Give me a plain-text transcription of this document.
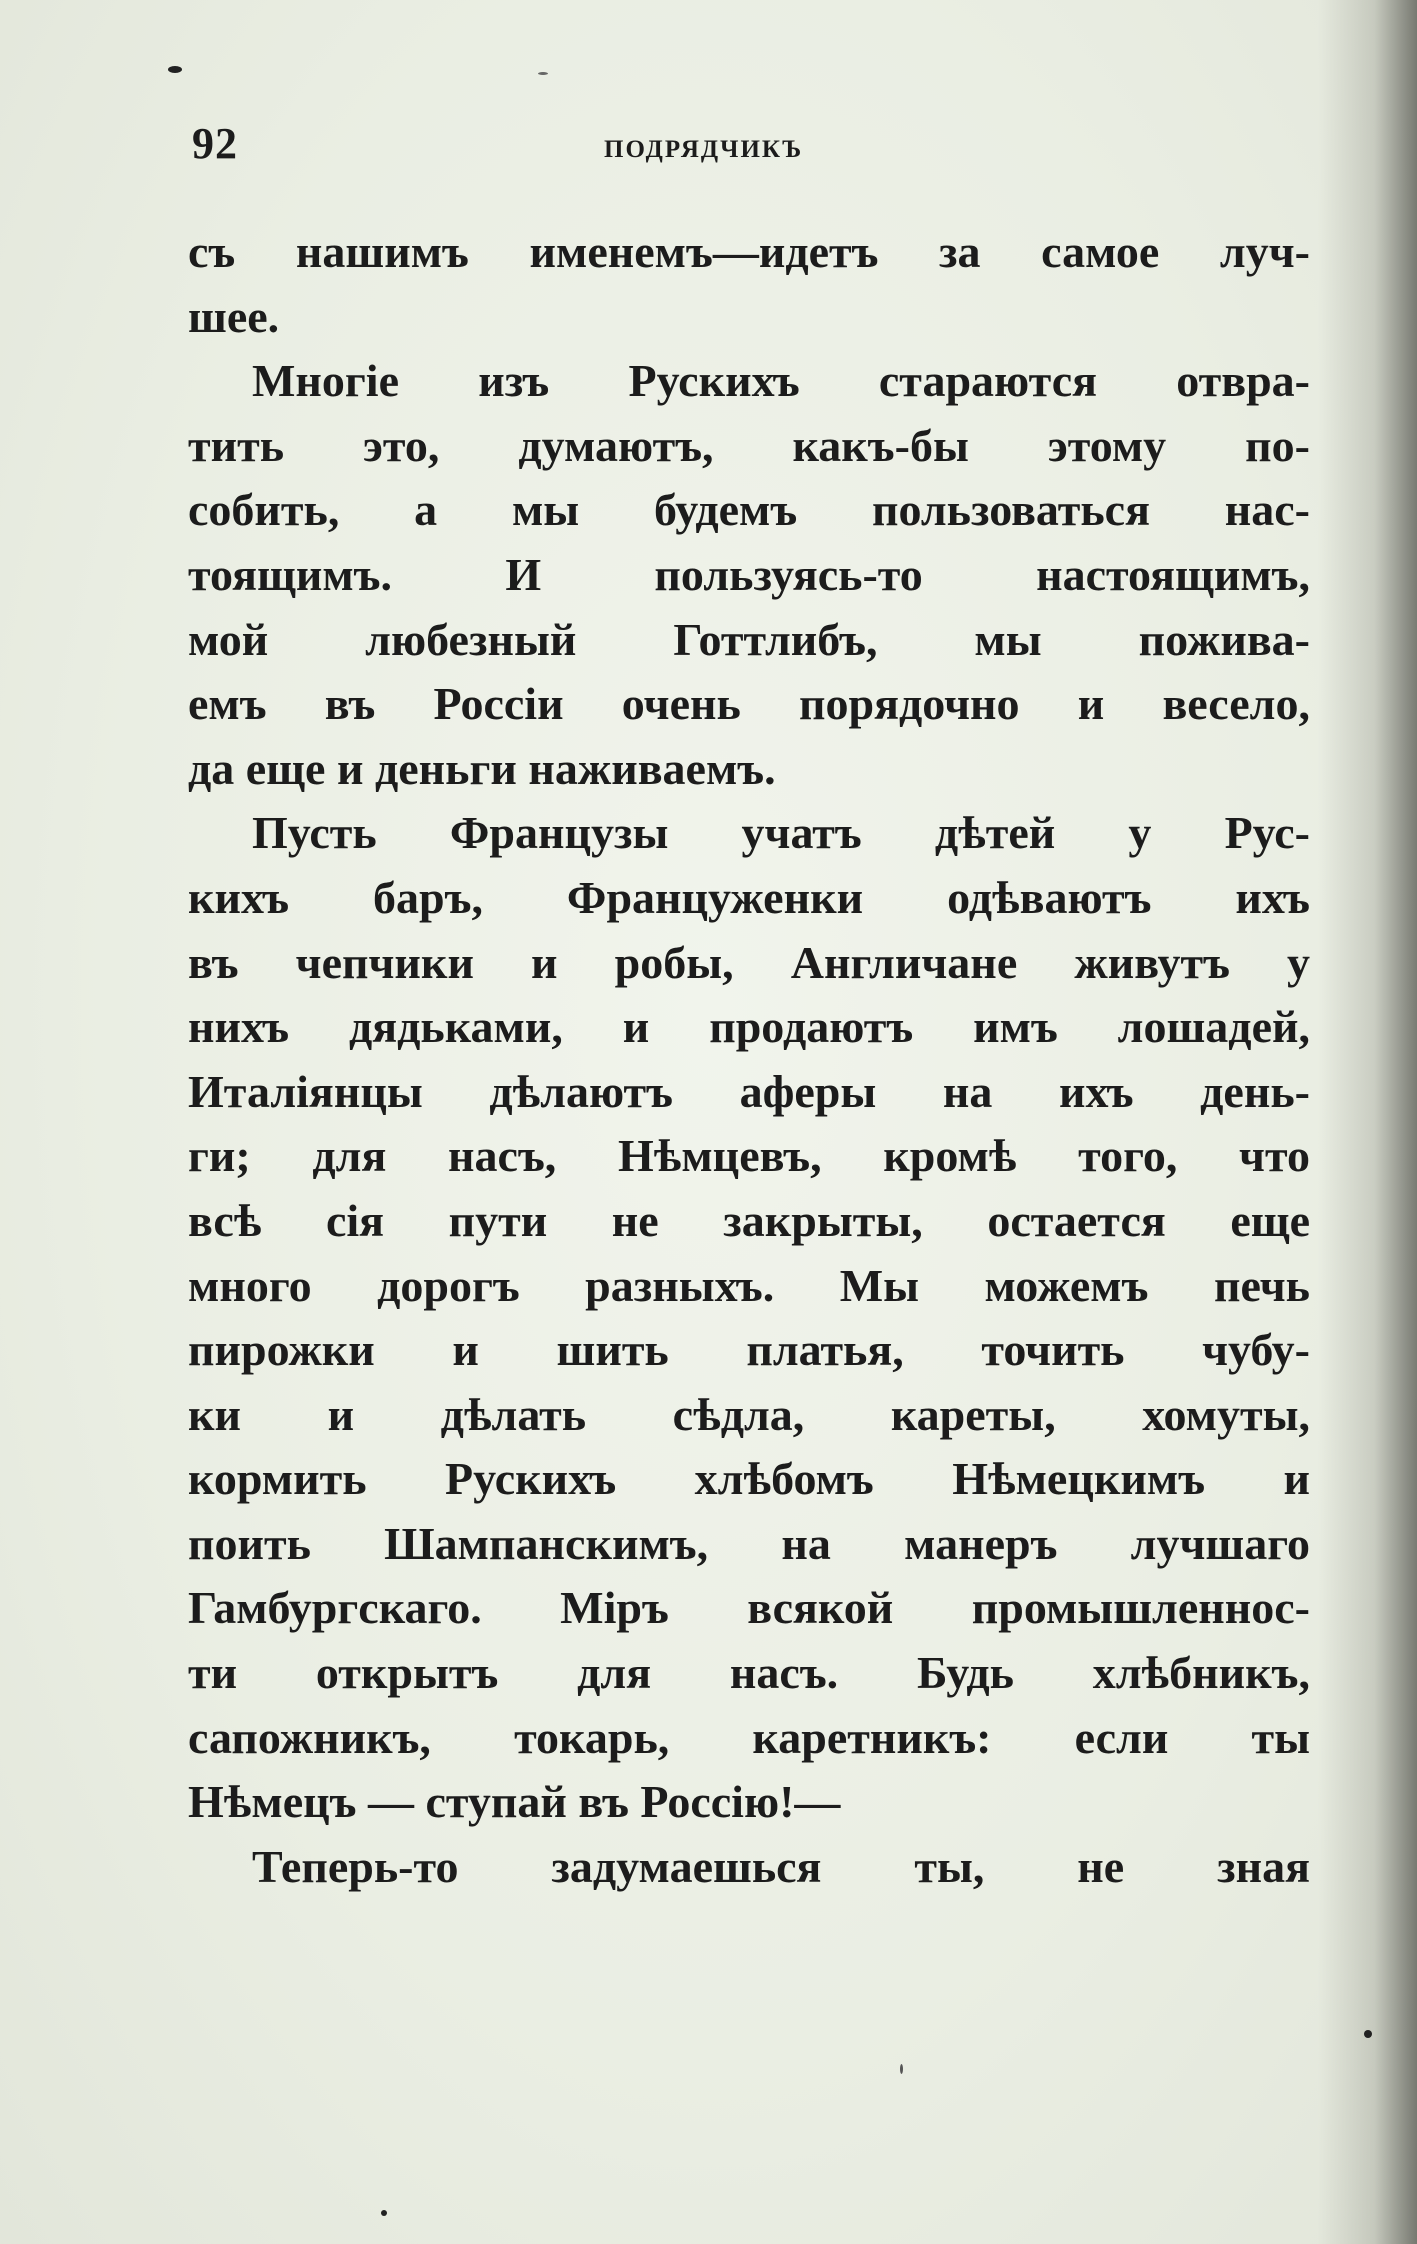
92	подрядчикъ
съ нашимъ именемъ—идетъ за самое луч-
шее.
Многіе изъ Рускихъ стараются отвра-
тить это, думаютъ, какъ-бы этому по-
собить, а мы будемъ пользоваться нас-
тоящимъ. И пользуясь-то настоящимъ,
мой любезный Готтлибъ, мы пожива-
емъ въ Россіи очень порядочно и весело,
да еще и деньги наживаемъ.
Пусть Французы учатъ дѣтей у Рус-
кихъ баръ, Француженки одѣваютъ ихъ
въ чепчики и робы, Англичане живутъ у
нихъ дядьками, и продаютъ имъ лошадей,
Италіянцы дѣлаютъ аферы на ихъ день-
ги; для насъ, Нѣмцевъ, кромѣ того, что
всѣ сія пути не закрыты, остается еще
много дорогъ разныхъ. Мы можемъ печь
пирожки и шить платья, точить чубу-
ки и дѣлать сѣдла, кареты, хомуты,
кормить Рускихъ хлѣбомъ Нѣмецкимъ и
поить Шампанскимъ, на манеръ лучшаго
Гамбургскаго. Міръ всякой промышленнос-
ти открытъ для насъ. Будь хлѣбникъ,
сапожникъ, токарь, каретникъ: если ты
Нѣмецъ — ступай въ Россію!—
Теперь-то задумаешься ты, не зная
